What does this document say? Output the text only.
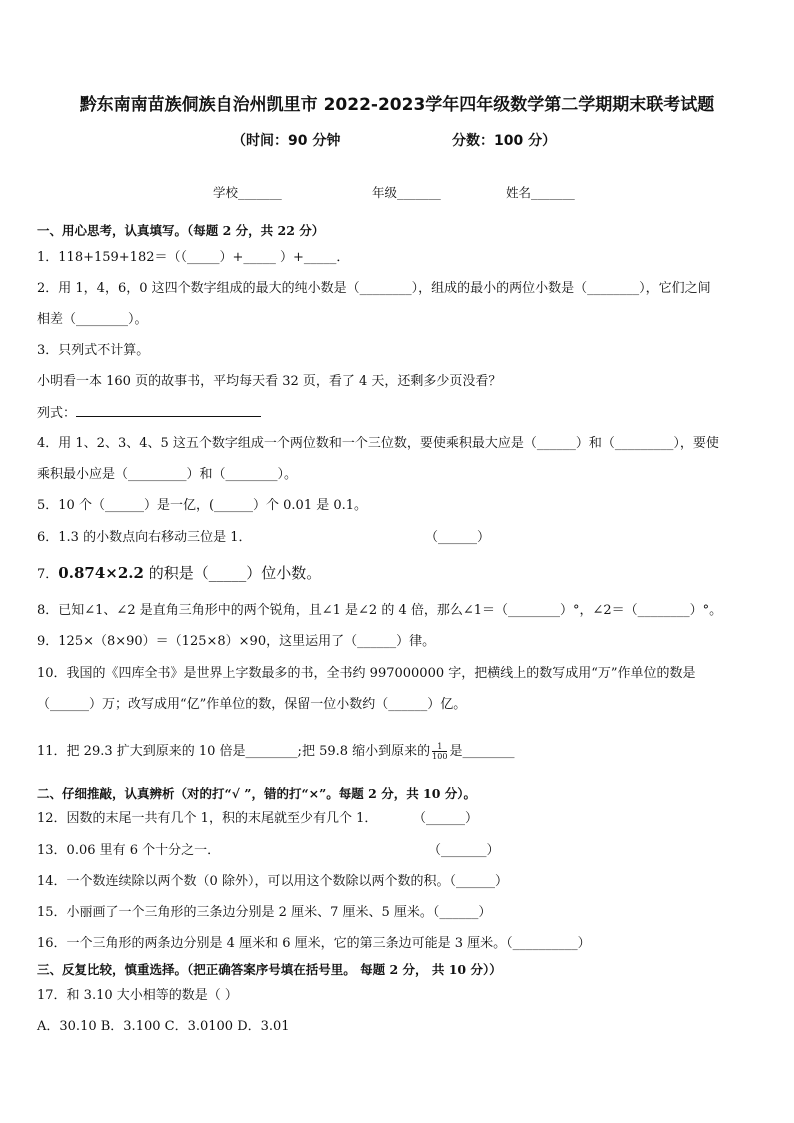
黔东南南苗族侗族自治州凯里市 2022-2023学年四年级数学第二学期期末联考试题
（时间：90 分钟	分数：100 分）
学校_______	年级_______	姓名_______
一、用心思考，认真填写。（每题 2 分，共 22 分）
1．118+159+182＝（（_____）+_____ ）+_____．
2．用 1，4，6，0 这四个数字组成的最大的纯小数是（________），组成的最小的两位小数是（________），它们之间
相差（________）。
3．只列式不计算。
小明看一本 160 页的故事书，平均每天看 32 页，看了 4 天，还剩多少页没看？
列式：
4．用 1、2、3、4、5 这五个数字组成一个两位数和一个三位数，要使乘积最大应是（______）和（_________），要使
乘积最小应是（_________）和（________）。
5．10 个（______）是一亿，(______）个 0.01 是 0.1。
6．1.3 的小数点向右移动三位是 1．	（______）
7．0.874×2.2 的积是（_____）位小数。
8．已知∠1、∠2 是直角三角形中的两个锐角，且∠1 是∠2 的 4 倍，那么∠1＝（________）°，∠2＝（________）°。
9．125×（8×90）＝（125×8）×90，这里运用了（______）律。
10．我国的《四库全书》是世界上字数最多的书，全书约 997000000 字，把横线上的数写成用“万”作单位的数是
（______）万；改写成用“亿”作单位的数，保留一位小数约（______）亿。
11．把 29.3 扩大到原来的 10 倍是________;把 59.8 缩小到原来的 $\frac{1}{100}$ 是________
二、仔细推敲，认真辨析（对的打“√ ”，错的打“×”。每题 2 分，共 10 分）。
12．因数的末尾一共有几个 1，积的末尾就至少有几个 1．	（______）
13．0.06 里有 6 个十分之一．	（_______）
14．一个数连续除以两个数（0 除外），可以用这个数除以两个数的积。（______）
15．小丽画了一个三角形的三条边分别是 2 厘米、7 厘米、5 厘米。（______）
16．一个三角形的两条边分别是 4 厘米和 6 厘米，它的第三条边可能是 3 厘米。（__________）
三、反复比较，慎重选择。（把正确答案序号填在括号里。 每题 2 分， 共 10 分））
17．和 3.10 大小相等的数是（ ）
A．30.10 B．3.100 C．3.0100 D．3.01
